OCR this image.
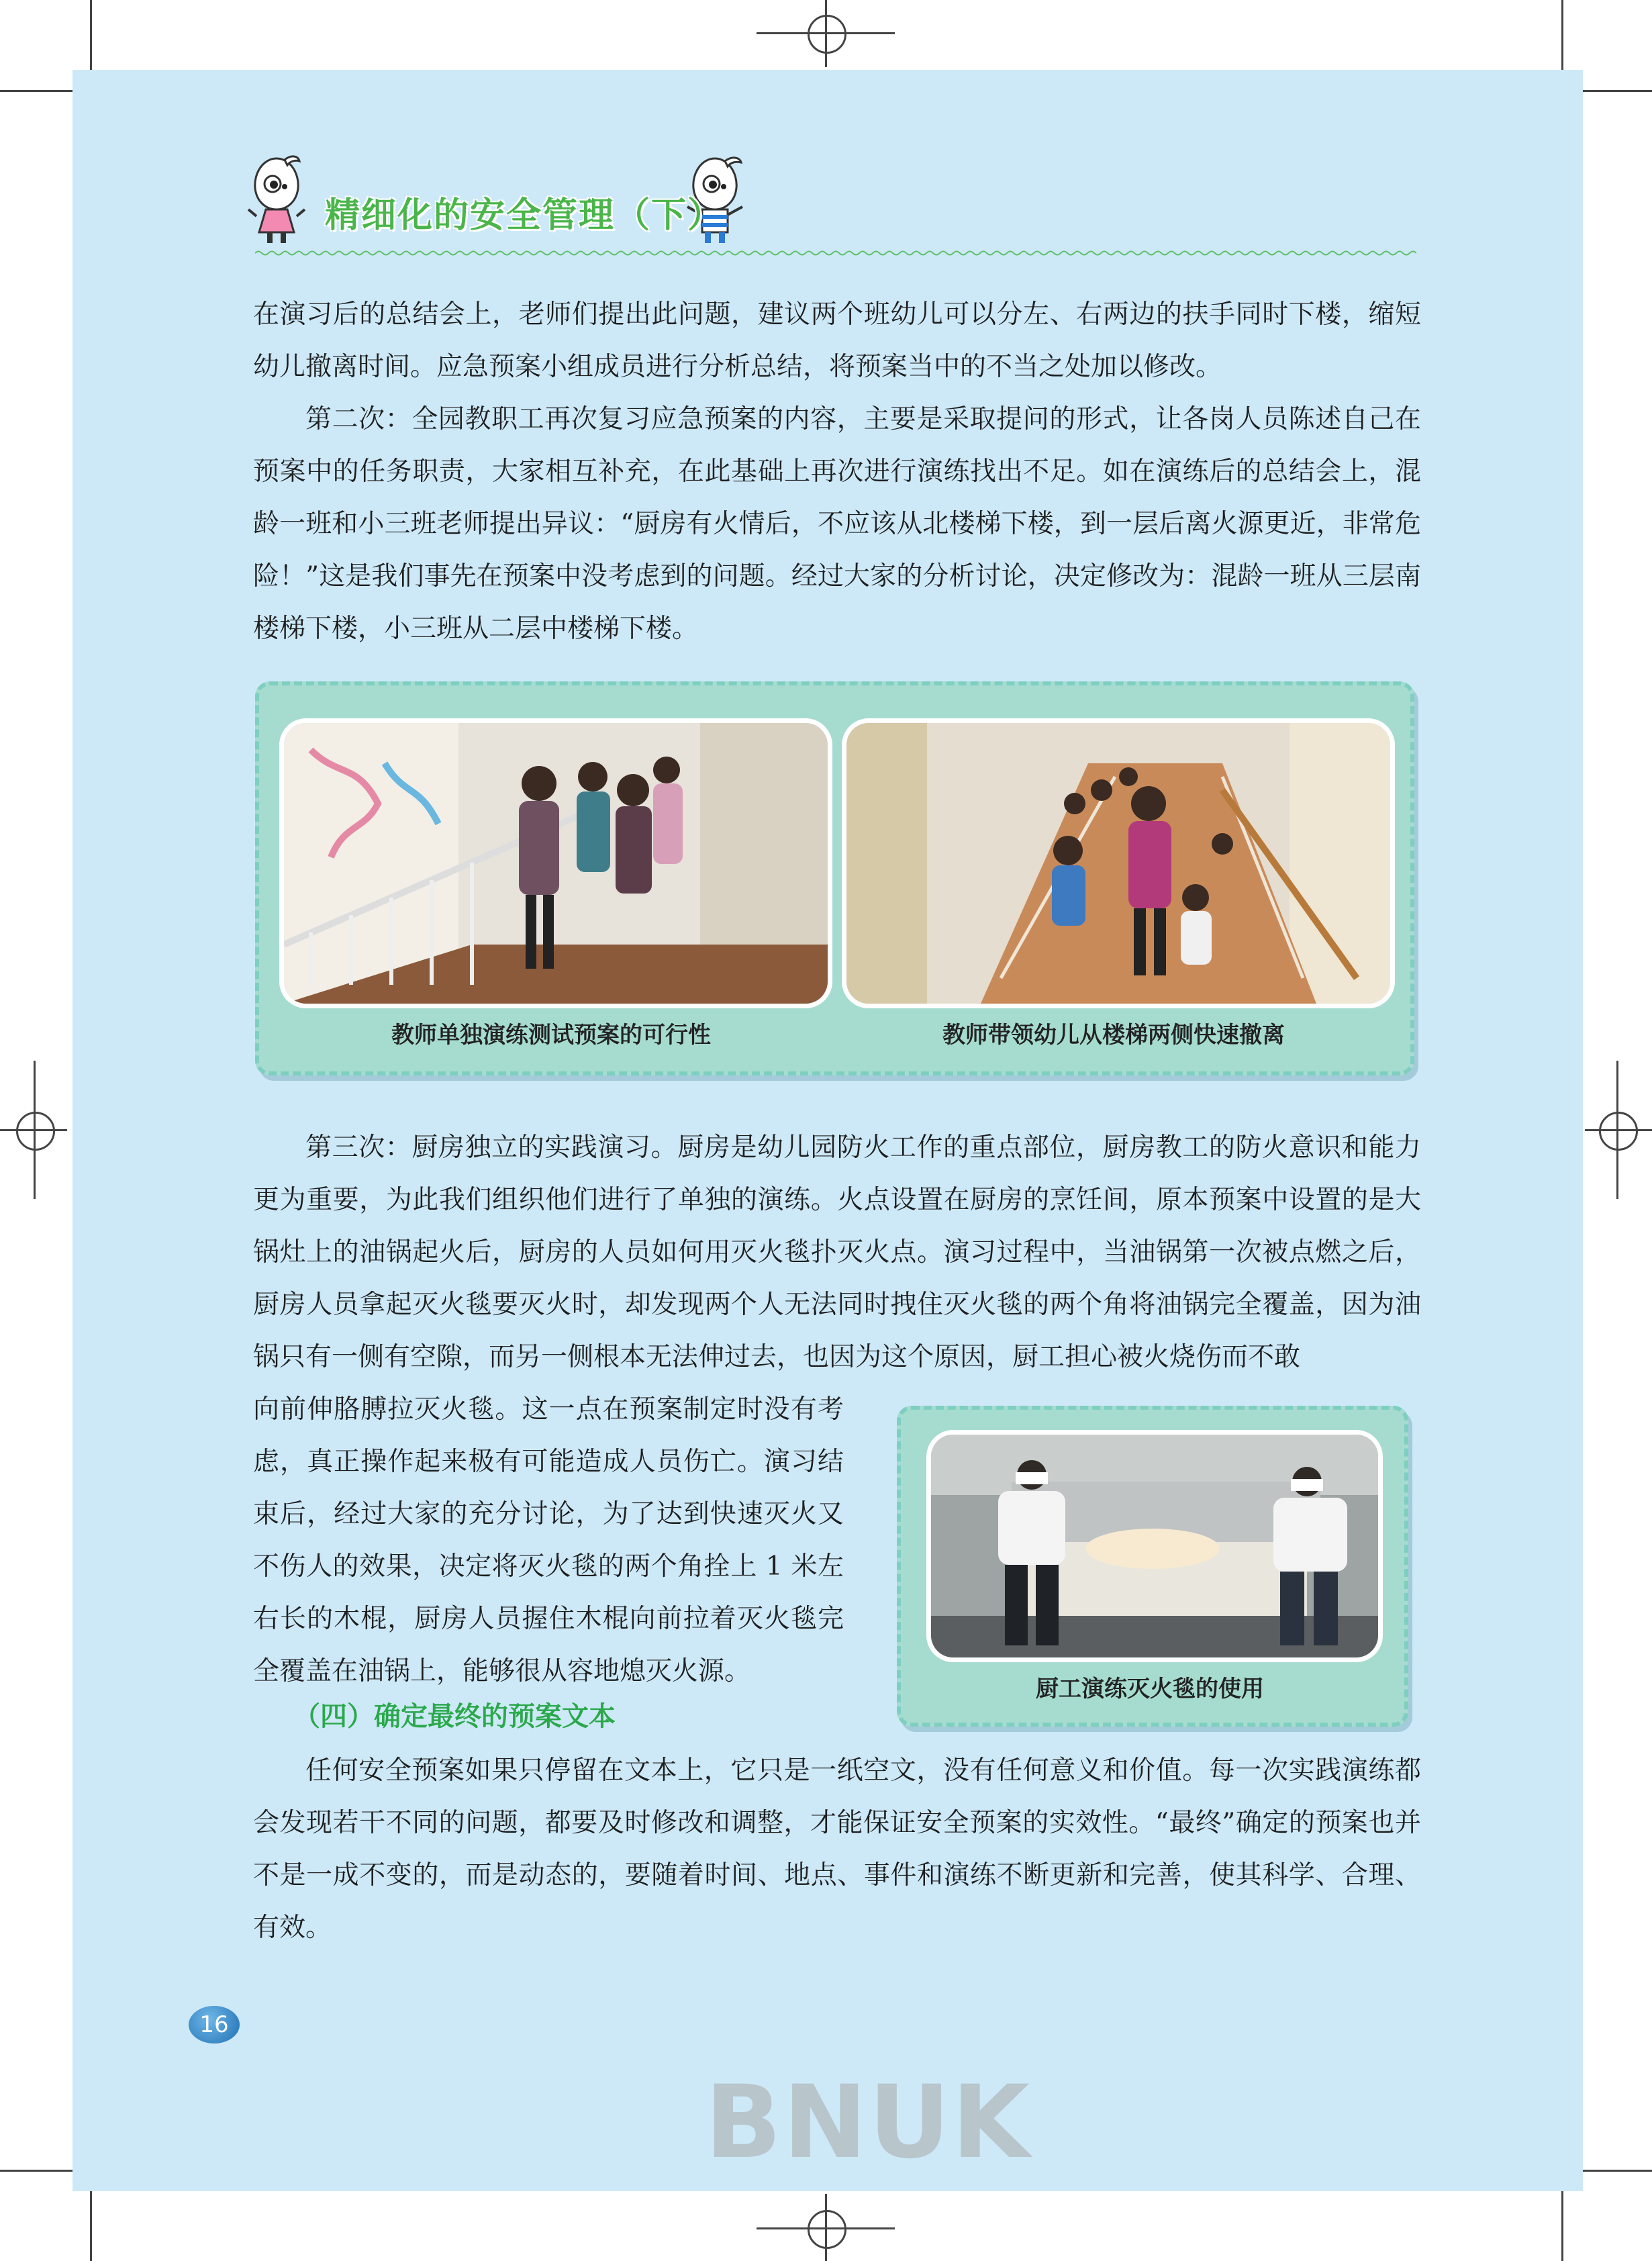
精细化的安全管理（下）
在演习后的总结会上，老师们提出此问题，建议两个班幼儿可以分左、右两边的扶手同时下楼，缩短幼儿撤离时间。应急预案小组成员进行分析总结，将预案当中的不当之处加以修改。
第二次：全园教职工再次复习应急预案的内容，主要是采取提问的形式，让各岗人员陈述自己在预案中的任务职责，大家相互补充，在此基础上再次进行演练找出不足。如在演练后的总结会上，混龄一班和小三班老师提出异议：“厨房有火情后，不应该从北楼梯下楼，到一层后离火源更近，非常危险！”这是我们事先在预案中没考虑到的问题。经过大家的分析讨论，决定修改为：混龄一班从三层南楼梯下楼，小三班从二层中楼梯下楼。
教师单独演练测试预案的可行性	教师带领幼儿从楼梯两侧快速撤离
第三次：厨房独立的实践演习。厨房是幼儿园防火工作的重点部位，厨房教工的防火意识和能力更为重要，为此我们组织他们进行了单独的演练。火点设置在厨房的烹饪间，原本预案中设置的是大锅灶上的油锅起火后，厨房的人员如何用灭火毯扑灭火点。演习过程中，当油锅第一次被点燃之后，厨房人员拿起灭火毯要灭火时，却发现两个人无法同时拽住灭火毯的两个角将油锅完全覆盖，因为油锅只有一侧有空隙，而另一侧根本无法伸过去，也因为这个原因，厨工担心被火烧伤而不敢
向前伸胳膊拉灭火毯。这一点在预案制定时没有考虑，真正操作起来极有可能造成人员伤亡。演习结束后，经过大家的充分讨论，为了达到快速灭火又不伤人的效果，决定将灭火毯的两个角拴上 1 米左右长的木棍，厨房人员握住木棍向前拉着灭火毯完全覆盖在油锅上，能够很从容地熄灭火源。
厨工演练灭火毯的使用
（四）确定最终的预案文本
任何安全预案如果只停留在文本上，它只是一纸空文，没有任何意义和价值。每一次实践演练都会发现若干不同的问题，都要及时修改和调整，才能保证安全预案的实效性。“最终”确定的预案也并不是一成不变的，而是动态的，要随着时间、地点、事件和演练不断更新和完善，使其科学、合理、有效。
16
BNUK
